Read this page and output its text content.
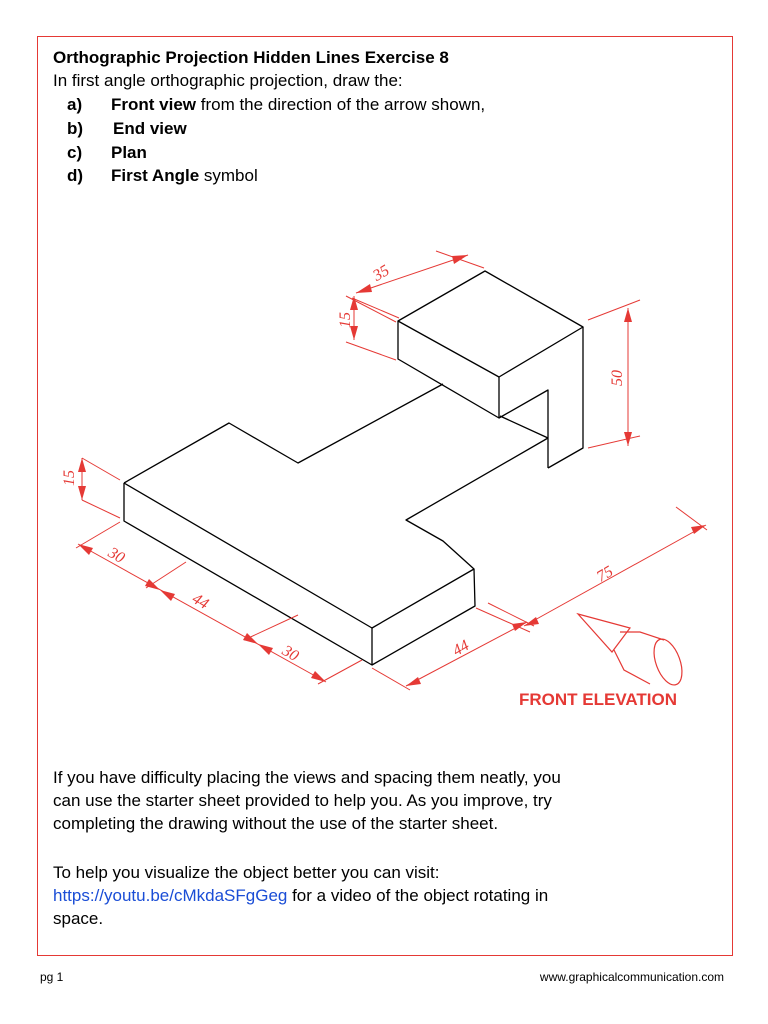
Orthographic Projection Hidden Lines Exercise 8
In first angle orthographic projection, draw the:
a) Front view from the direction of the arrow shown,
b) End view
c) Plan
d) First Angle symbol
35
15
50
15
30
44
30	44
75
FRONT ELEVATION
If you have difficulty placing the views and spacing them neatly, you
can use the starter sheet provided to help you. As you improve, try
completing the drawing without the use of the starter sheet.
To help you visualize the object better you can visit:
https://youtu.be/cMkdaSFgGeg for a video of the object rotating in
space.
pg 1	www.graphicalcommunication.com
